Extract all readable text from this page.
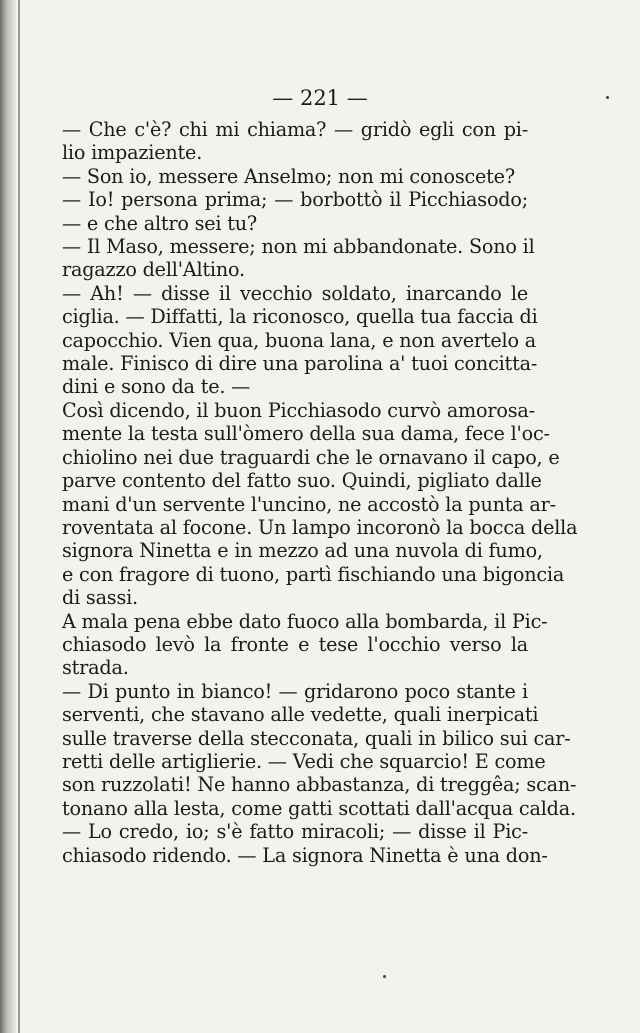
— 221 —
— Che c'è? chi mi chiama? — gridò egli con pi-
lio impaziente.
— Son io, messere Anselmo; non mi conoscete?
— Io! persona prima; — borbottò il Picchiasodo;
— e che altro sei tu?
— Il Maso, messere; non mi abbandonate. Sono il
ragazzo dell'Altino.
— Ah! — disse il vecchio soldato, inarcando le
ciglia. — Diffatti, la riconosco, quella tua faccia di
capocchio. Vien qua, buona lana, e non avertelo a
male. Finisco di dire una parolina a' tuoi concitta-
dini e sono da te. —
Così dicendo, il buon Picchiasodo curvò amorosa-
mente la testa sull'òmero della sua dama, fece l'oc-
chiolino nei due traguardi che le ornavano il capo, e
parve contento del fatto suo. Quindi, pigliato dalle
mani d'un servente l'uncino, ne accostò la punta ar-
roventata al focone. Un lampo incoronò la bocca della
signora Ninetta e in mezzo ad una nuvola di fumo,
e con fragore di tuono, partì fischiando una bigoncia
di sassi.
A mala pena ebbe dato fuoco alla bombarda, il Pic-
chiasodo levò la fronte e tese l'occhio verso la
strada.
— Di punto in bianco! — gridarono poco stante i
serventi, che stavano alle vedette, quali inerpicati
sulle traverse della stecconata, quali in bilico sui car-
retti delle artiglierie. — Vedi che squarcio! E come
son ruzzolati! Ne hanno abbastanza, di treggêa; scan-
tonano alla lesta, come gatti scottati dall'acqua calda.
— Lo credo, io; s'è fatto miracoli; — disse il Pic-
chiasodo ridendo. — La signora Ninetta è una don-
